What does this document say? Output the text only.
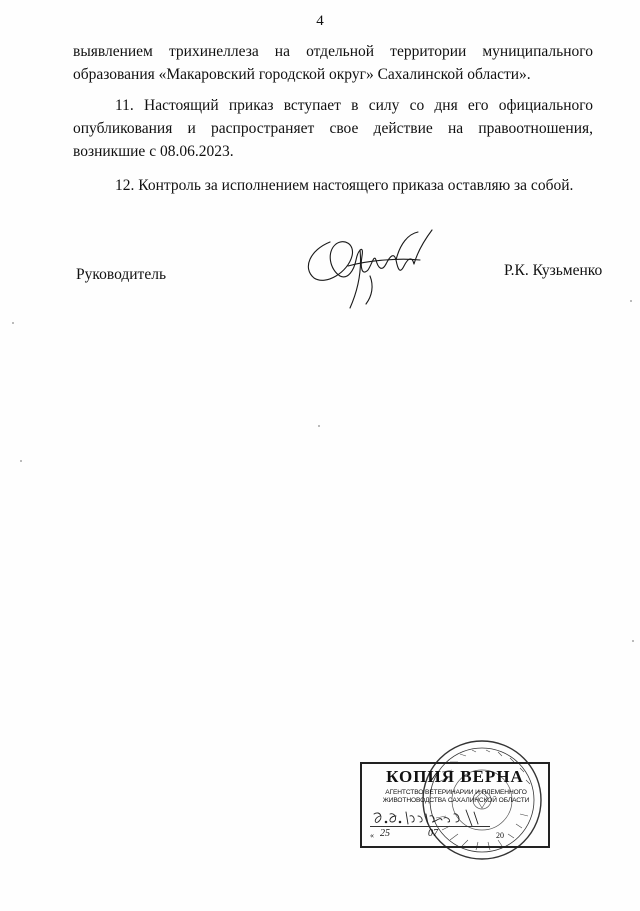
4
выявлением трихинеллеза на отдельной территории муниципального
образования «Макаровский городской округ» Сахалинской области».
11. Настоящий приказ вступает в силу со дня его официального
опубликования и распространяет свое действие на правоотношения,
возникшие с 08.06.2023.
12. Контроль за исполнением настоящего приказа оставляю за собой.
Руководитель	Р.К. Кузьменко
КОПИЯ ВЕРНА
АГЕНТСТВО ВЕТЕРИНАРИИ И ПЛЕМЕННОГО
ЖИВОТНОВОДСТВА САХАЛИНСКОЙ ОБЛАСТИ
« 25	07	20
